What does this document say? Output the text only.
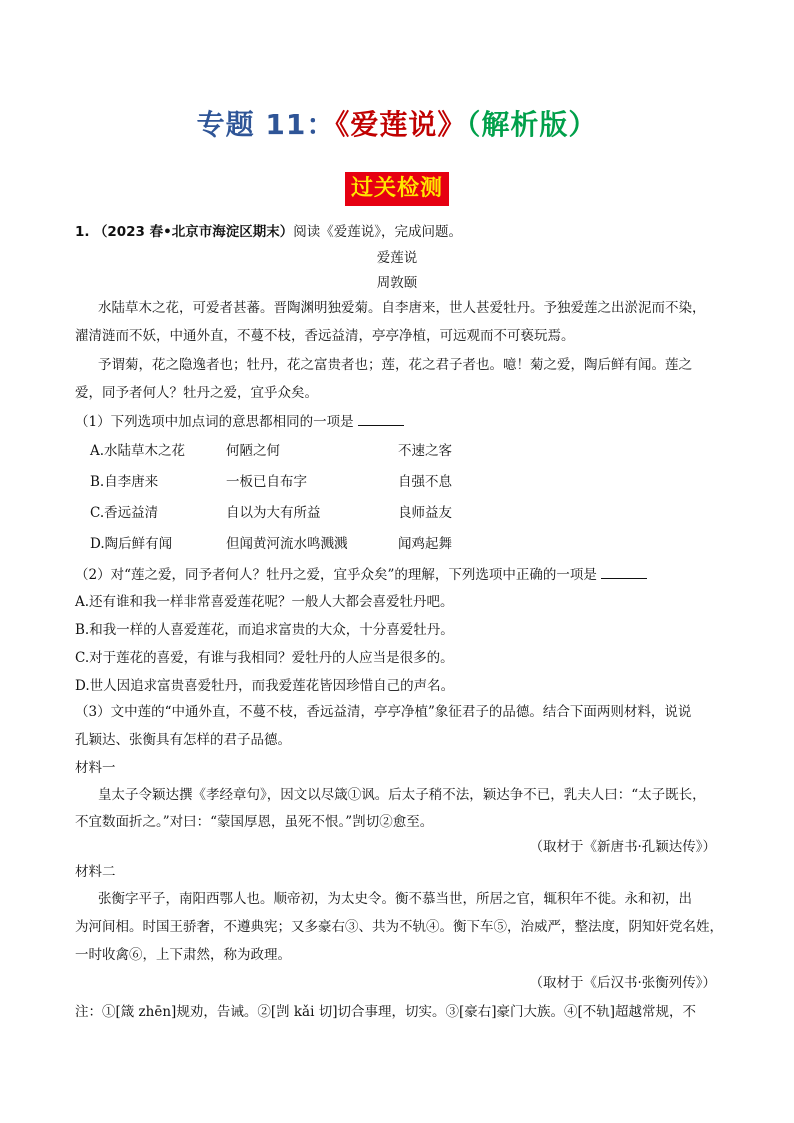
专题 11：《爱莲说》（解析版）
过关检测
1. （2023 春•北京市海淀区期末）阅读《爱莲说》，完成问题。
爱莲说
周敦颐
水陆草木之花，可爱者甚蕃。晋陶渊明独爱菊。自李唐来，世人甚爱牡丹。予独爱莲之出淤泥而不染，
濯清涟而不妖，中通外直，不蔓不枝，香远益清，亭亭净植，可远观而不可亵玩焉。
予谓菊，花之隐逸者也；牡丹，花之富贵者也；莲，花之君子者也。噫！菊之爱，陶后鲜有闻。莲之
爱，同予者何人？牡丹之爱，宜乎众矣。
（1）下列选项中加点词的意思都相同的一项是
A.水陆草木之花	何陋之何	不速之客
B.自李唐来	一板已自布字	自强不息
C.香远益清	自以为大有所益	良师益友
D.陶后鲜有闻	但闻黄河流水鸣溅溅	闻鸡起舞
（2）对“莲之爱，同予者何人？牡丹之爱，宜乎众矣”的理解，下列选项中正确的一项是
A.还有谁和我一样非常喜爱莲花呢？一般人大都会喜爱牡丹吧。
B.和我一样的人喜爱莲花，而追求富贵的大众，十分喜爱牡丹。
C.对于莲花的喜爱，有谁与我相同？爱牡丹的人应当是很多的。
D.世人因追求富贵喜爱牡丹，而我爱莲花皆因珍惜自己的声名。
（3）文中莲的“中通外直，不蔓不枝，香远益清，亭亭净植”象征君子的品德。结合下面两则材料，说说
孔颖达、张衡具有怎样的君子品德。
材料一
皇太子令颖达撰《孝经章句》，因文以尽箴①讽。后太子稍不法，颖达争不已，乳夫人曰：“太子既长，
不宜数面折之。”对曰：“蒙国厚恩，虽死不恨。”剀切②愈至。
（取材于《新唐书·孔颖达传》）
材料二
张衡字平子，南阳西鄂人也。顺帝初，为太史令。衡不慕当世，所居之官，辄积年不徙。永和初，出
为河间相。时国王骄奢，不遵典宪；又多豪右③、共为不轨④。衡下车⑤，治威严，整法度，阴知奸党名姓，
一时收禽⑥，上下肃然，称为政理。
（取材于《后汉书·张衡列传》）
注：①[箴 zhēn]规劝，告诫。②[剀 kǎi 切]切合事理，切实。③[豪右]豪门大族。④[不轨]超越常规，不
